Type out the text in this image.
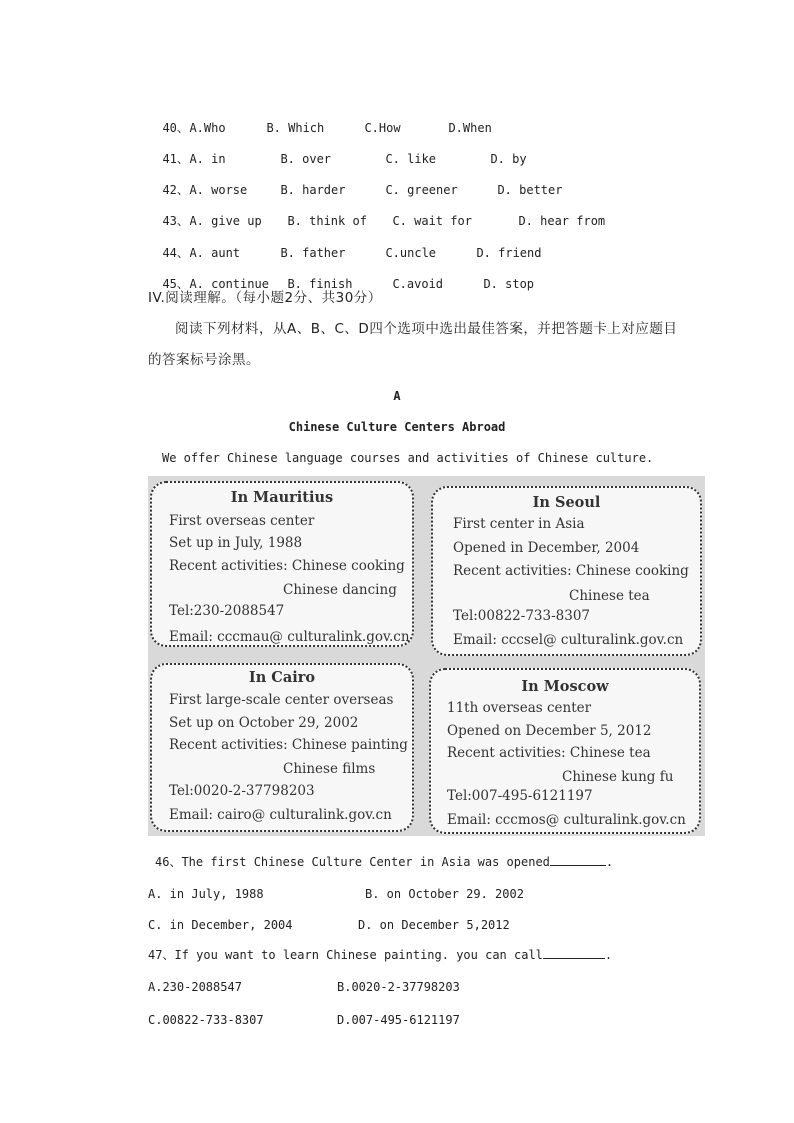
40、A.Who	B. Which	C.How	D.When

41、A. in	B. over	C. like	D. by

42、A. worse	B. harder	C. greener	D. better

43、A. give up B. think of C. wait for	D. hear from

44、A. aunt	B. father	C.uncle	D. friend

45、A. continue B. finish	C.avoid	D. stop

IV.阅读理解。（每小题2分、共30分）
阅读下列材料，从A、B、C、D四个选项中选出最佳答案，并把答题卡上对应题目
的答案标号涂黑。
A
Chinese Culture Centers Abroad
We offer Chinese language courses and activities of Chinese culture.
In Mauritius
First overseas center
Set up in July, 1988
Recent activities: Chinese cooking
Chinese dancing
Tel:230-2088547
Email: cccmau@ culturalink.gov.cn
In Seoul
First center in Asia
Opened in December, 2004
Recent activities: Chinese cooking
Chinese tea
Tel:00822-733-8307
Email: cccsel@ culturalink.gov.cn
In Cairo
First large-scale center overseas
Set up on October 29, 2002
Recent activities: Chinese painting
Chinese films
Tel:0020-2-37798203
Email: cairo@ culturalink.gov.cn
In Moscow
11th overseas center
Opened on December 5, 2012
Recent activities: Chinese tea
Chinese kung fu
Tel:007-495-6121197
Email: cccmos@ culturalink.gov.cn
46、The first Chinese Culture Center in Asia was opened	.
A. in July, 1988	B. on October 29. 2002
C. in December, 2004	D. on December 5,2012
47、If you want to learn Chinese painting. you can call	.
A.230-2088547	B.0020-2-37798203
C.00822-733-8307	D.007-495-6121197
